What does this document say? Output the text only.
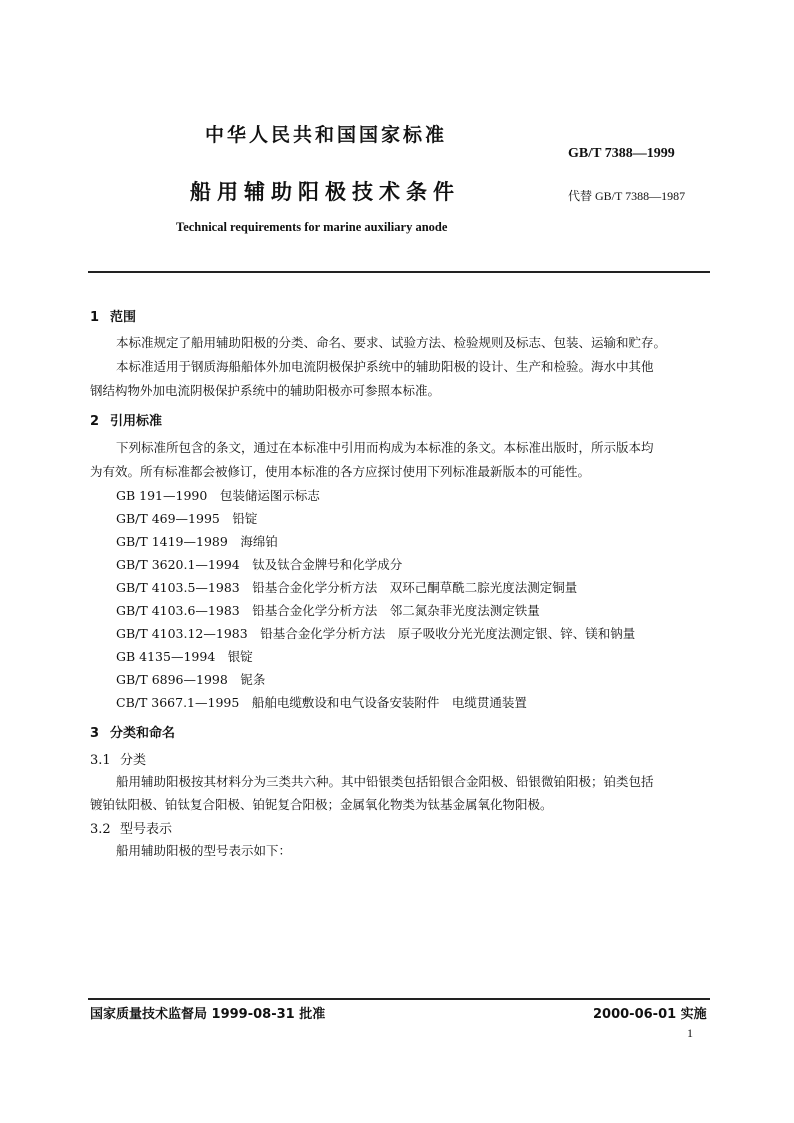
中华人民共和国国家标准
GB/T 7388—1999
船用辅助阳极技术条件	代替 GB/T 7388—1987
Technical requirements for marine auxiliary anode
1 范围
本标准规定了船用辅助阳极的分类、命名、要求、试验方法、检验规则及标志、包装、运输和贮存。
本标准适用于钢质海船船体外加电流阴极保护系统中的辅助阳极的设计、生产和检验。海水中其他
钢结构物外加电流阴极保护系统中的辅助阳极亦可参照本标准。
2 引用标准
下列标准所包含的条文，通过在本标准中引用而构成为本标准的条文。本标准出版时，所示版本均
为有效。所有标准都会被修订，使用本标准的各方应探讨使用下列标准最新版本的可能性。
GB 191—1990　包装储运图示标志
GB/T 469—1995　铅锭
GB/T 1419—1989　海绵铂
GB/T 3620.1—1994　钛及钛合金牌号和化学成分
GB/T 4103.5—1983　铅基合金化学分析方法　双环己酮草酰二腙光度法测定铜量
GB/T 4103.6—1983　铅基合金化学分析方法　邻二氮杂菲光度法测定铁量
GB/T 4103.12—1983　铅基合金化学分析方法　原子吸收分光光度法测定银、锌、镁和钠量
GB 4135—1994　银锭
GB/T 6896—1998　铌条
CB/T 3667.1—1995　船舶电缆敷设和电气设备安装附件　电缆贯通装置
3 分类和命名
3.1 分类
船用辅助阳极按其材料分为三类共六种。其中铅银类包括铅银合金阳极、铅银微铂阳极；铂类包括
镀铂钛阳极、铂钛复合阳极、铂铌复合阳极；金属氧化物类为钛基金属氧化物阳极。
3.2 型号表示
船用辅助阳极的型号表示如下：
国家质量技术监督局 1999-08-31 批准	2000-06-01 实施
1
